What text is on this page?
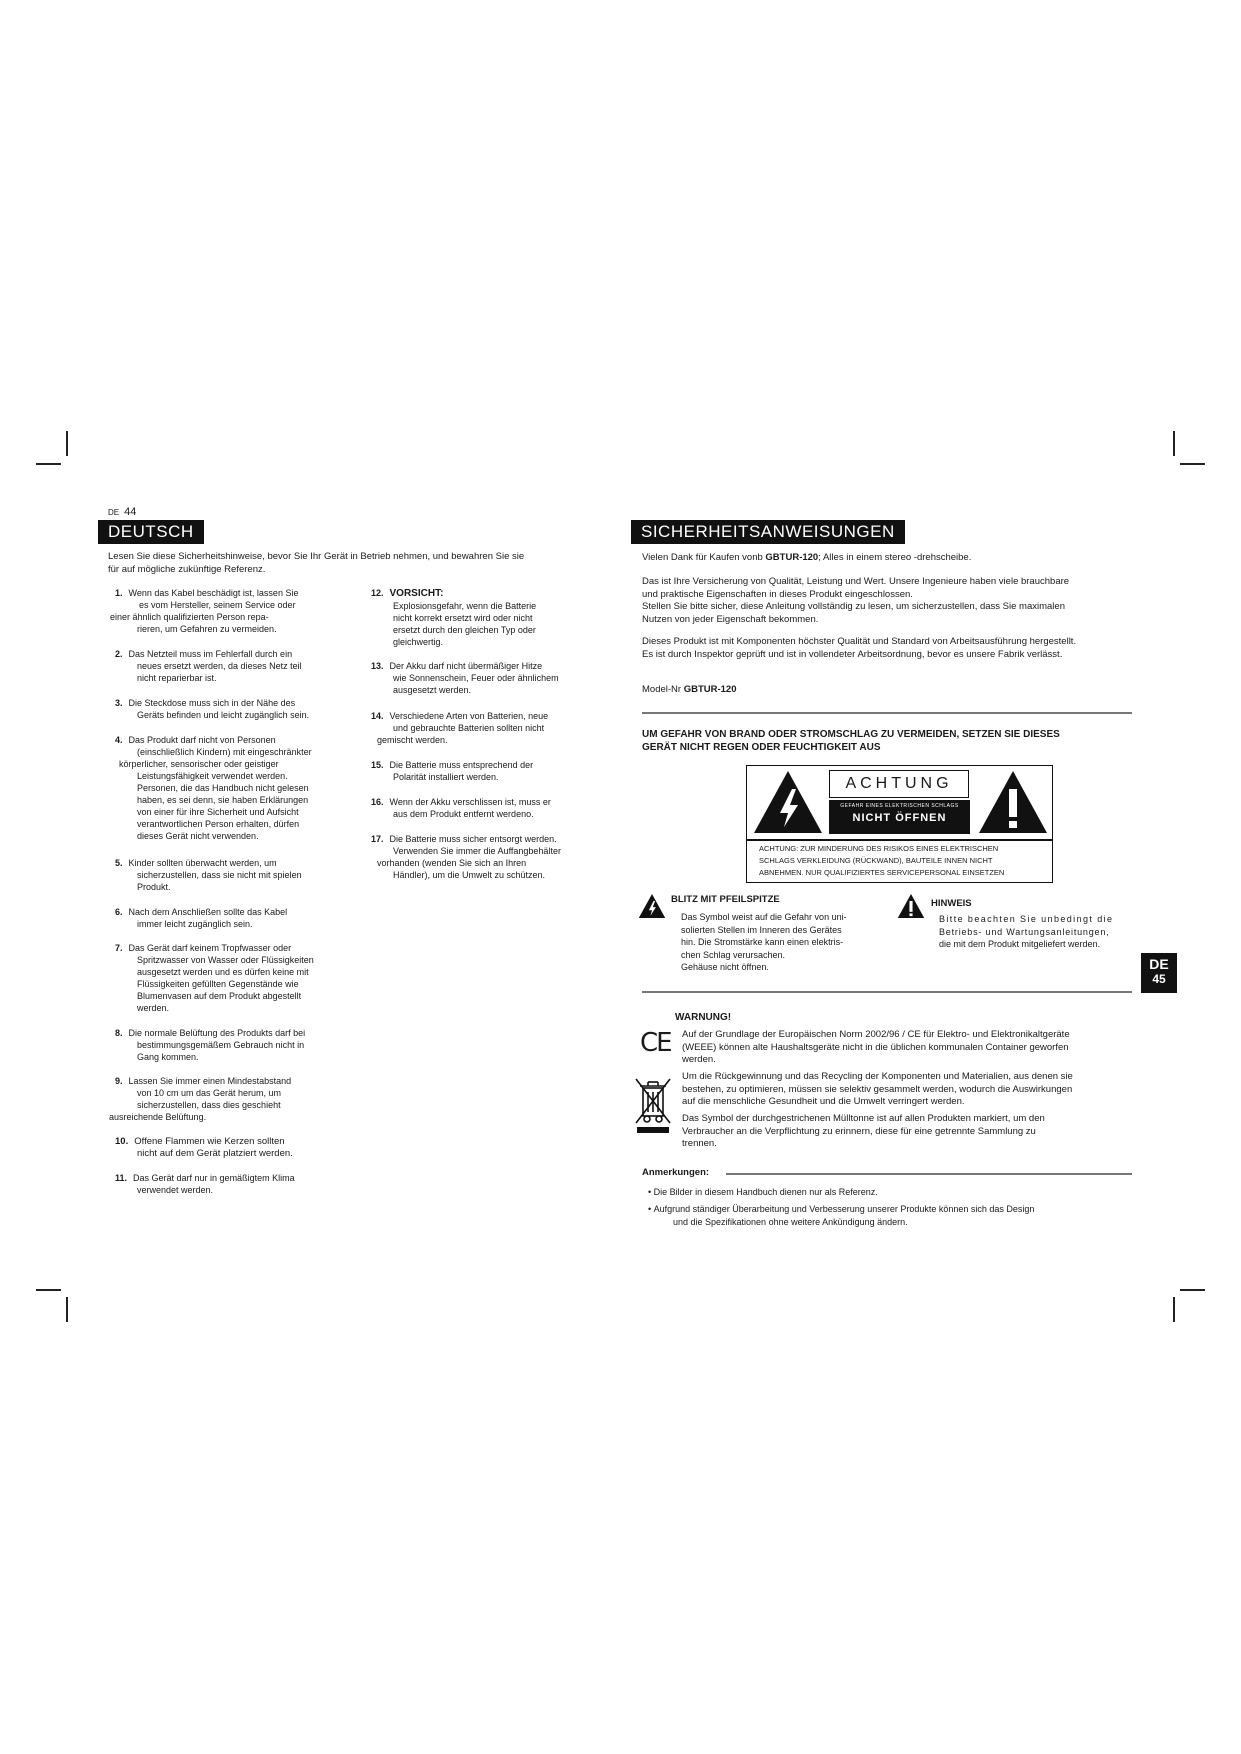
DE 44
DEUTSCH
Lesen Sie diese Sicherheitshinweise, bevor Sie Ihr Gerät in Betrieb nehmen, und bewahren Sie sie
für auf mögliche zukünftige Referenz.
1. Wenn das Kabel beschädigt ist, lassen Sie
es vom Hersteller, seinem Service oder
einer ähnlich qualifizierten Person repa-
rieren, um Gefahren zu vermeiden.
2. Das Netzteil muss im Fehlerfall durch ein
neues ersetzt werden, da dieses Netz teil
nicht reparierbar ist.
3. Die Steckdose muss sich in der Nähe des
Geräts befinden und leicht zugänglich sein.
4. Das Produkt darf nicht von Personen
(einschließlich Kindern) mit eingeschränkter
körperlicher, sensorischer oder geistiger
Leistungsfähigkeit verwendet werden.
Personen, die das Handbuch nicht gelesen
haben, es sei denn, sie haben Erklärungen
von einer für ihre Sicherheit und Aufsicht
verantwortlichen Person erhalten, dürfen
dieses Gerät nicht verwenden.
5. Kinder sollten überwacht werden, um
sicherzustellen, dass sie nicht mit spielen
Produkt.
6. Nach dem Anschließen sollte das Kabel
immer leicht zugänglich sein.
7. Das Gerät darf keinem Tropfwasser oder
Spritzwasser von Wasser oder Flüssigkeiten
ausgesetzt werden und es dürfen keine mit
Flüssigkeiten gefüllten Gegenstände wie
Blumenvasen auf dem Produkt abgestellt
werden.
8. Die normale Belüftung des Produkts darf bei
bestimmungsgemäßem Gebrauch nicht in
Gang kommen.
9. Lassen Sie immer einen Mindestabstand
von 10 cm um das Gerät herum, um
sicherzustellen, dass dies geschieht
ausreichende Belüftung.
10. Offene Flammen wie Kerzen sollten
nicht auf dem Gerät platziert werden.
11. Das Gerät darf nur in gemäßigtem Klima
verwendet werden.
12. VORSICHT:
Explosionsgefahr, wenn die Batterie
nicht korrekt ersetzt wird oder nicht
ersetzt durch den gleichen Typ oder
gleichwertig.
13. Der Akku darf nicht übermäßiger Hitze
wie Sonnenschein, Feuer oder ähnlichem
ausgesetzt werden.
14. Verschiedene Arten von Batterien, neue
und gebrauchte Batterien sollten nicht
gemischt werden.
15. Die Batterie muss entsprechend der
Polarität installiert werden.
16. Wenn der Akku verschlissen ist, muss er
aus dem Produkt entfernt werdeno.
17. Die Batterie muss sicher entsorgt werden.
Verwenden Sie immer die Auffangbehälter
vorhanden (wenden Sie sich an Ihren
Händler), um die Umwelt zu schützen.
SICHERHEITSANWEISUNGEN
Vielen Dank für Kaufen vonb GBTUR-120; Alles in einem stereo -drehscheibe.
Das ist Ihre Versicherung von Qualität, Leistung und Wert. Unsere Ingenieure haben viele brauchbare
und praktische Eigenschaften in dieses Produkt eingeschlossen.
Stellen Sie bitte sicher, diese Anleitung vollständig zu lesen, um sicherzustellen, dass Sie maximalen
Nutzen von jeder Eigenschaft bekommen.
Dieses Produkt ist mit Komponenten höchster Qualität und Standard von Arbeitsausführung hergestellt.
Es ist durch Inspektor geprüft und ist in vollendeter Arbeitsordnung, bevor es unsere Fabrik verlässt.
Model-Nr GBTUR-120
UM GEFAHR VON BRAND ODER STROMSCHLAG ZU VERMEIDEN, SETZEN SIE DIESES
GERÄT NICHT REGEN ODER FEUCHTIGKEIT AUS
ACHTUNG
GEFAHR EINES ELEKTRISCHEN SCHLAGS
NICHT ÖFFNEN
ACHTUNG: ZUR MINDERUNG DES RISIKOS EINES ELEKTRISCHEN
SCHLAGS VERKLEIDUNG (RÜCKWAND), BAUTEILE INNEN NICHT
ABNEHMEN. NUR QUALIFIZIERTES SERVICEPERSONAL EINSETZEN
BLITZ MIT PFEILSPITZE
Das Symbol weist auf die Gefahr von uni-
solierten Stellen im Inneren des Gerätes
hin. Die Stromstärke kann einen elektris-
chen Schlag verursachen.
Gehäuse nicht öffnen.
HINWEIS
Bitte beachten Sie unbedingt die
Betriebs- und Wartungsanleitungen,
die mit dem Produkt mitgeliefert werden.
DE
45
WARNUNG!
CE Auf der Grundlage der Europäischen Norm 2002/96 / CE für Elektro- und Elektronikaltgeräte
(WEEE) können alte Haushaltsgeräte nicht in die üblichen kommunalen Container geworfen
werden.
Um die Rückgewinnung und das Recycling der Komponenten und Materialien, aus denen sie
bestehen, zu optimieren, müssen sie selektiv gesammelt werden, wodurch die Auswirkungen
auf die menschliche Gesundheit und die Umwelt verringert werden.
Das Symbol der durchgestrichenen Mülltonne ist auf allen Produkten markiert, um den
Verbraucher an die Verpflichtung zu erinnern, diese für eine getrennte Sammlung zu
trennen.
Anmerkungen:
• Die Bilder in diesem Handbuch dienen nur als Referenz.
• Aufgrund ständiger Überarbeitung und Verbesserung unserer Produkte können sich das Design
und die Spezifikationen ohne weitere Ankündigung ändern.
